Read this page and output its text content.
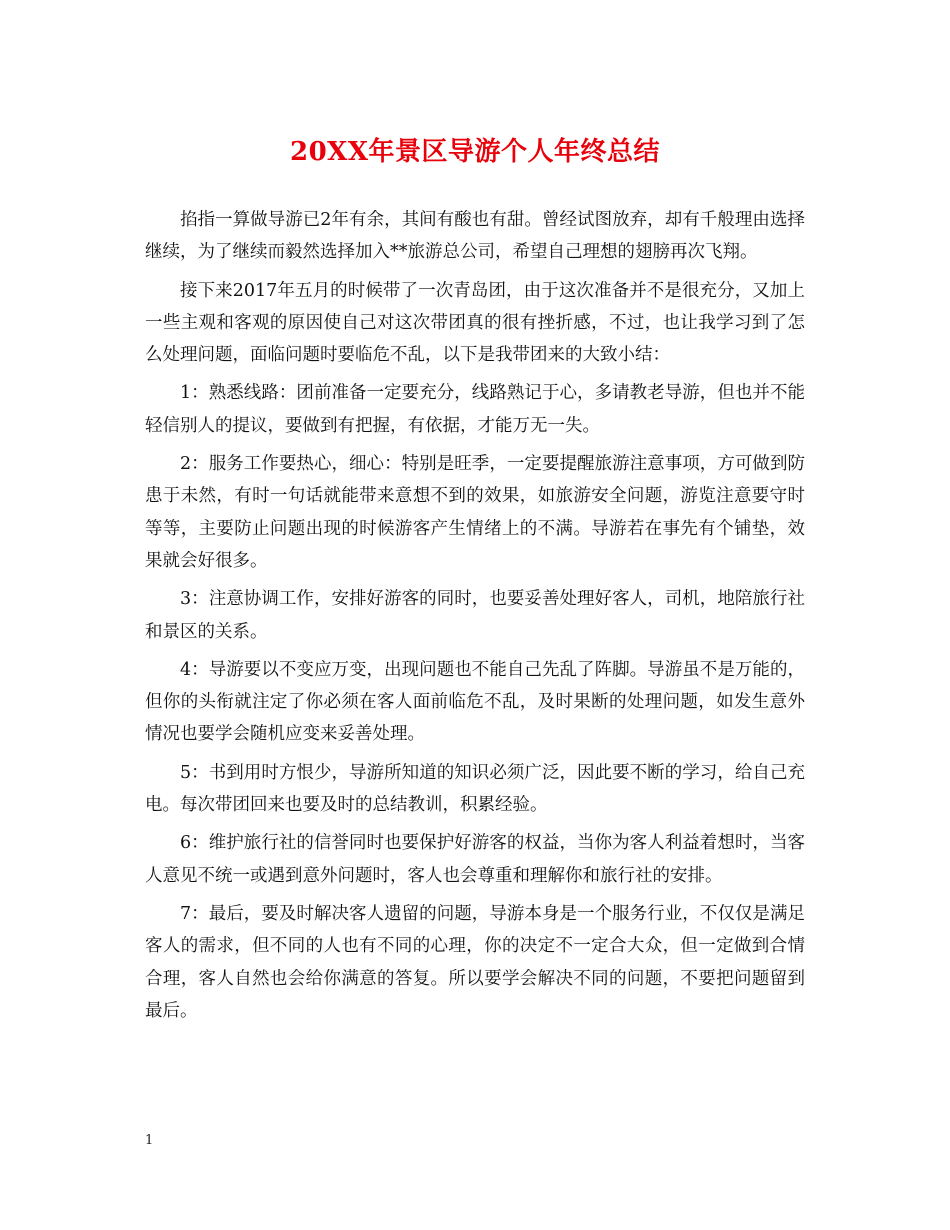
20XX年景区导游个人年终总结

掐指一算做导游已2年有余，其间有酸也有甜。曾经试图放弃，却有千般理由选择继续，为了继续而毅然选择加入**旅游总公司，希望自己理想的翅膀再次飞翔。

接下来2017年五月的时候带了一次青岛团，由于这次准备并不是很充分，又加上一些主观和客观的原因使自己对这次带团真的很有挫折感，不过，也让我学习到了怎么处理问题，面临问题时要临危不乱，以下是我带团来的大致小结：

1：熟悉线路：团前准备一定要充分，线路熟记于心，多请教老导游，但也并不能轻信别人的提议，要做到有把握，有依据，才能万无一失。

2：服务工作要热心，细心：特别是旺季，一定要提醒旅游注意事项，方可做到防患于未然，有时一句话就能带来意想不到的效果，如旅游安全问题，游览注意要守时等等，主要防止问题出现的时候游客产生情绪上的不满。导游若在事先有个铺垫，效果就会好很多。

3：注意协调工作，安排好游客的同时，也要妥善处理好客人，司机，地陪旅行社和景区的关系。

4：导游要以不变应万变，出现问题也不能自己先乱了阵脚。导游虽不是万能的，但你的头衔就注定了你必须在客人面前临危不乱，及时果断的处理问题，如发生意外情况也要学会随机应变来妥善处理。

5：书到用时方恨少，导游所知道的知识必须广泛，因此要不断的学习，给自己充电。每次带团回来也要及时的总结教训，积累经验。

6：维护旅行社的信誉同时也要保护好游客的权益，当你为客人利益着想时，当客人意见不统一或遇到意外问题时，客人也会尊重和理解你和旅行社的安排。

7：最后，要及时解决客人遗留的问题，导游本身是一个服务行业，不仅仅是满足客人的需求，但不同的人也有不同的心理，你的决定不一定合大众，但一定做到合情合理，客人自然也会给你满意的答复。所以要学会解决不同的问题，不要把问题留到最后。

1
